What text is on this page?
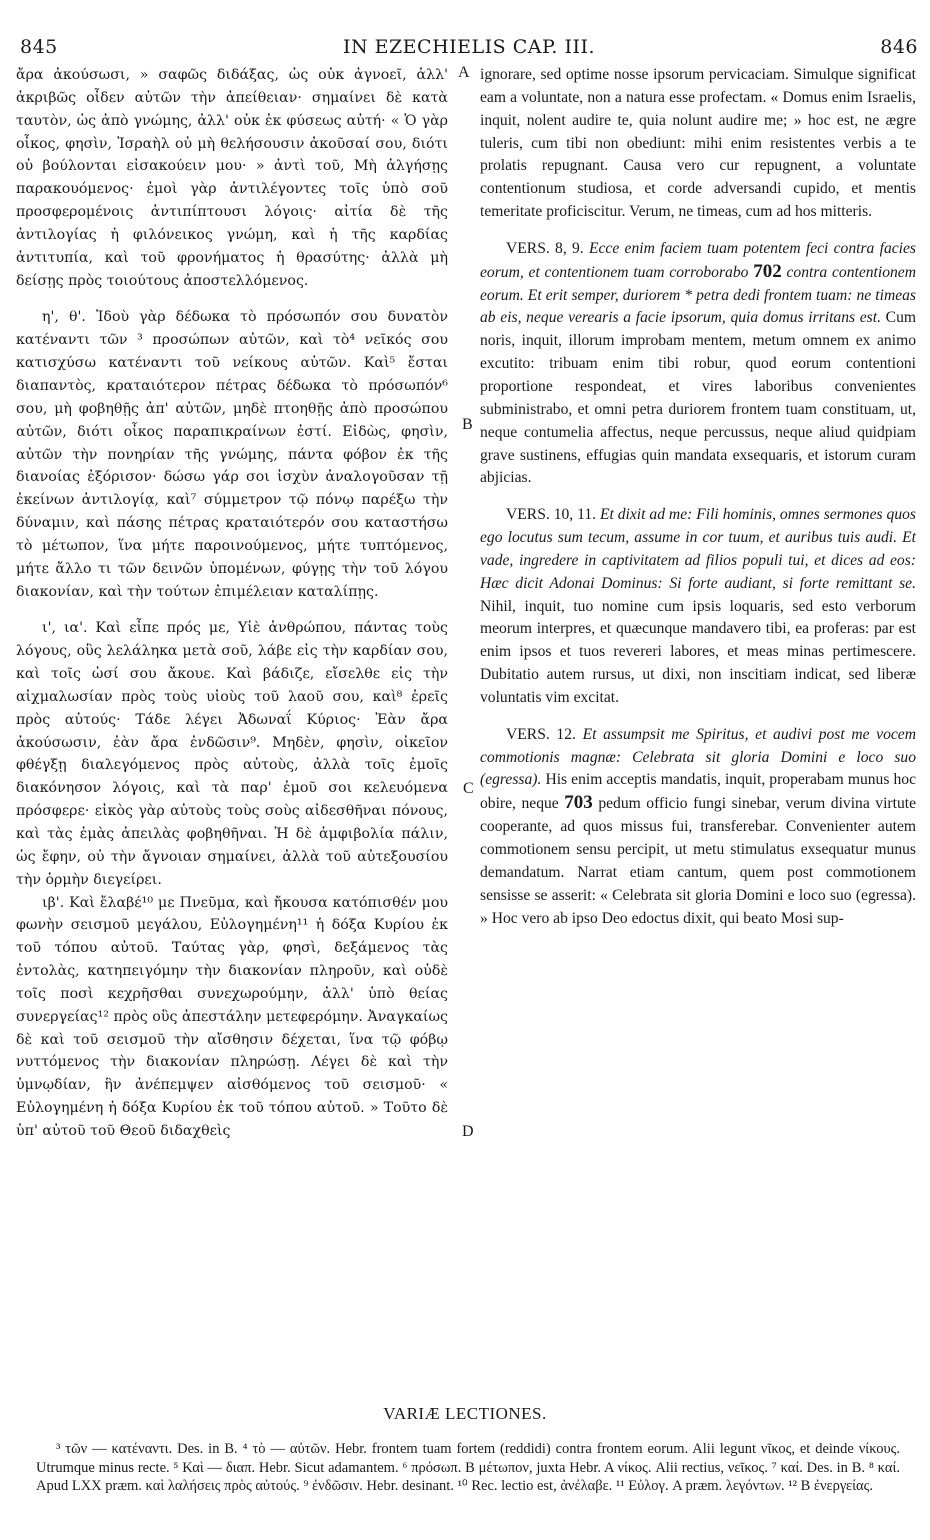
845	IN EZECHIELIS CAP. III.	846

ἄρα ἀκούσωσι, » σαφῶς διδάξας, ὡς οὐκ ἀγνοεῖ, ἀλλ' ἀκριβῶς οἶδεν αὐτῶν τὴν ἀπείθειαν· σημαίνει δὲ κατὰ ταυτὸν, ὡς ἀπὸ γνώμης, ἀλλ' οὐκ ἐκ φύσεως αὐτή· « Ὁ γὰρ οἶκος, φησὶν, Ἰσραὴλ οὐ μὴ θελήσουσιν ἀκοῦσαί σου, διότι οὐ βούλονται εἰσακούειν μου· » ἀντὶ τοῦ, Μὴ ἀλγήσῃς παρακουόμενος· ἐμοὶ γὰρ ἀντιλέγοντες τοῖς ὑπὸ σοῦ προσφερομένοις ἀντιπίπτουσι λόγοις· αἰτία δὲ τῆς ἀντιλογίας ἡ φιλόνεικος γνώμη, καὶ ἡ τῆς καρδίας ἀντιτυπία, καὶ τοῦ φρονήματος ἡ θρασύτης· ἀλλὰ μὴ δείσῃς πρὸς τοιούτους ἀποστελλόμενος.

η', θ'. Ἰδοὺ γὰρ δέδωκα τὸ πρόσωπόν σου δυνατὸν κατέναντι τῶν ³ προσώπων αὐτῶν, καὶ τὸ⁴ νεῖκός σου κατισχύσω κατέναντι τοῦ νείκους αὐτῶν. Καὶ⁵ ἔσται διαπαντὸς, κραταιότερον πέτρας δέδωκα τὸ πρόσωπόν⁶ σου, μὴ φοβηθῇς ἀπ' αὐτῶν, μηδὲ πτοηθῇς ἀπὸ προσώπου αὐτῶν, διότι οἶκος παραπικραίνων ἐστί. Εἰδὼς, φησὶν, αὐτῶν τὴν πονηρίαν τῆς γνώμης, πάντα φόβον ἐκ τῆς διανοίας ἐξόρισον· δώσω γάρ σοι ἰσχὺν ἀναλογοῦσαν τῇ ἐκείνων ἀντιλογίᾳ, καὶ⁷ σύμμετρον τῷ πόνῳ παρέξω τὴν δύναμιν, καὶ πάσης πέτρας κραταιότερόν σου καταστήσω τὸ μέτωπον, ἵνα μήτε παροινούμενος, μήτε τυπτόμενος, μήτε ἄλλο τι τῶν δεινῶν ὑπομένων, φύγῃς τὴν τοῦ λόγου διακονίαν, καὶ τὴν τούτων ἐπιμέλειαν καταλίπῃς.

ι', ια'. Καὶ εἶπε πρός με, Υἱὲ ἀνθρώπου, πάντας τοὺς λόγους, οὓς λελάληκα μετὰ σοῦ, λάβε εἰς τὴν καρδίαν σου, καὶ τοῖς ὠσί σου ἄκουε. Καὶ βάδιζε, εἴσελθε εἰς τὴν αἰχμαλωσίαν πρὸς τοὺς υἱοὺς τοῦ λαοῦ σου, καὶ⁸ ἐρεῖς πρὸς αὐτούς· Τάδε λέγει Ἀδωναΐ Κύριος· Ἐὰν ἄρα ἀκούσωσιν, ἐὰν ἄρα ἐνδῶσιν⁹. Μηδὲν, φησὶν, οἰκεῖον φθέγξῃ διαλεγόμενος πρὸς αὐτοὺς, ἀλλὰ τοῖς ἐμοῖς διακόνησον λόγοις, καὶ τὰ παρ' ἐμοῦ σοι κελευόμενα πρόσφερε· εἰκὸς γὰρ αὐτοὺς τοὺς σοὺς αἰδεσθῆναι πόνους, καὶ τὰς ἐμὰς ἀπειλὰς φοβηθῆναι. Ἡ δὲ ἀμφιβολία πάλιν, ὡς ἔφην, οὐ τὴν ἄγνοιαν σημαίνει, ἀλλὰ τοῦ αὐτεξουσίου τὴν ὁρμὴν διεγείρει.

ιβ'. Καὶ ἔλαβέ¹⁰ με Πνεῦμα, καὶ ἤκουσα κατόπισθέν μου φωνὴν σεισμοῦ μεγάλου, Εὐλογημένη¹¹ ἡ δόξα Κυρίου ἐκ τοῦ τόπου αὐτοῦ. Ταύτας γὰρ, φησὶ, δεξάμενος τὰς ἐντολὰς, κατηπειγόμην τὴν διακονίαν πληροῦν, καὶ οὐδὲ τοῖς ποσὶ κεχρῆσθαι συνεχωρούμην, ἀλλ' ὑπὸ θείας συνεργείας¹² πρὸς οὓς ἀπεστάλην μετεφερόμην. Ἀναγκαίως δὲ καὶ τοῦ σεισμοῦ τὴν αἴσθησιν δέχεται, ἵνα τῷ φόβῳ νυττόμενος τὴν διακονίαν πληρώσῃ. Λέγει δὲ καὶ τὴν ὑμνῳδίαν, ἣν ἀνέπεμψεν αἰσθόμενος τοῦ σεισμοῦ· « Εὐλογημένη ἡ δόξα Κυρίου ἐκ τοῦ τόπου αὐτοῦ. » Τοῦτο δὲ ὑπ' αὐτοῦ τοῦ Θεοῦ διδαχθεὶς

A
B
C
D

ignorare, sed optime nosse ipsorum pervicaciam. Simulque significat eam a voluntate, non a natura esse profectam. « Domus enim Israelis, inquit, nolent audire te, quia nolunt audire me; » hoc est, ne ægre tuleris, cum tibi non obediunt: mihi enim resistentes verbis a te prolatis repugnant. Causa vero cur repugnent, a voluntate contentionum studiosa, et corde adversandi cupido, et mentis temeritate proficiscitur. Verum, ne timeas, cum ad hos mitteris.

VERS. 8, 9. Ecce enim faciem tuam potentem feci contra facies eorum, et contentionem tuam corroborabo 702 contra contentionem eorum. Et erit semper, duriorem * petra dedi frontem tuam: ne timeas ab eis, neque verearis a facie ipsorum, quia domus irritans est. Cum noris, inquit, illorum improbam mentem, metum omnem ex animo excutito: tribuam enim tibi robur, quod eorum contentioni proportione respondeat, et vires laboribus convenientes subministrabo, et omni petra duriorem frontem tuam constituam, ut, neque contumelia affectus, neque percussus, neque aliud quidpiam grave sustinens, effugias quin mandata exsequaris, et istorum curam abjicias.

VERS. 10, 11. Et dixit ad me: Fili hominis, omnes sermones quos ego locutus sum tecum, assume in cor tuum, et auribus tuis audi. Et vade, ingredere in captivitatem ad filios populi tui, et dices ad eos: Hæc dicit Adonai Dominus: Si forte audiant, si forte remittant se. Nihil, inquit, tuo nomine cum ipsis loquaris, sed esto verborum meorum interpres, et quæcunque mandavero tibi, ea proferas: par est enim ipsos et tuos revereri labores, et meas minas pertimescere. Dubitatio autem rursus, ut dixi, non inscitiam indicat, sed liberæ voluntatis vim excitat.

VERS. 12. Et assumpsit me Spiritus, et audivi post me vocem commotionis magnæ: Celebrata sit gloria Domini e loco suo (egressa). His enim acceptis mandatis, inquit, properabam munus hoc obire, neque 703 pedum officio fungi sinebar, verum divina virtute cooperante, ad quos missus fui, transferebar. Convenienter autem commotionem sensu percipit, ut metu stimulatus exsequatur munus demandatum. Narrat etiam cantum, quem post commotionem sensisse se asserit: « Celebrata sit gloria Domini e loco suo (egressa). » Hoc vero ab ipso Deo edoctus dixit, qui beato Mosi sup-

VARIÆ LECTIONES.

³ τῶν — κατέναντι. Des. in B. ⁴ τὸ — αὐτῶν. Hebr. frontem tuam fortem (reddidi) contra frontem eorum. Alii legunt νῖκος, et deinde νίκους. Utrumque minus recte. ⁵ Καὶ — διαπ. Hebr. Sicut adamantem. ⁶ πρόσωπ. B μέτωπον, juxta Hebr. A νίκος. Alii rectius, νεῖκος. ⁷ καί. Des. in B. ⁸ καί. Apud LXX præm. καὶ λαλήσεις πρὸς αὐτούς. ⁹ ἐνδῶσιν. Hebr. desinant. ¹⁰ Rec. lectio est, ἀνέλαβε. ¹¹ Εὐλογ. A præm. λεγόντων. ¹² B ἐνεργείας.
